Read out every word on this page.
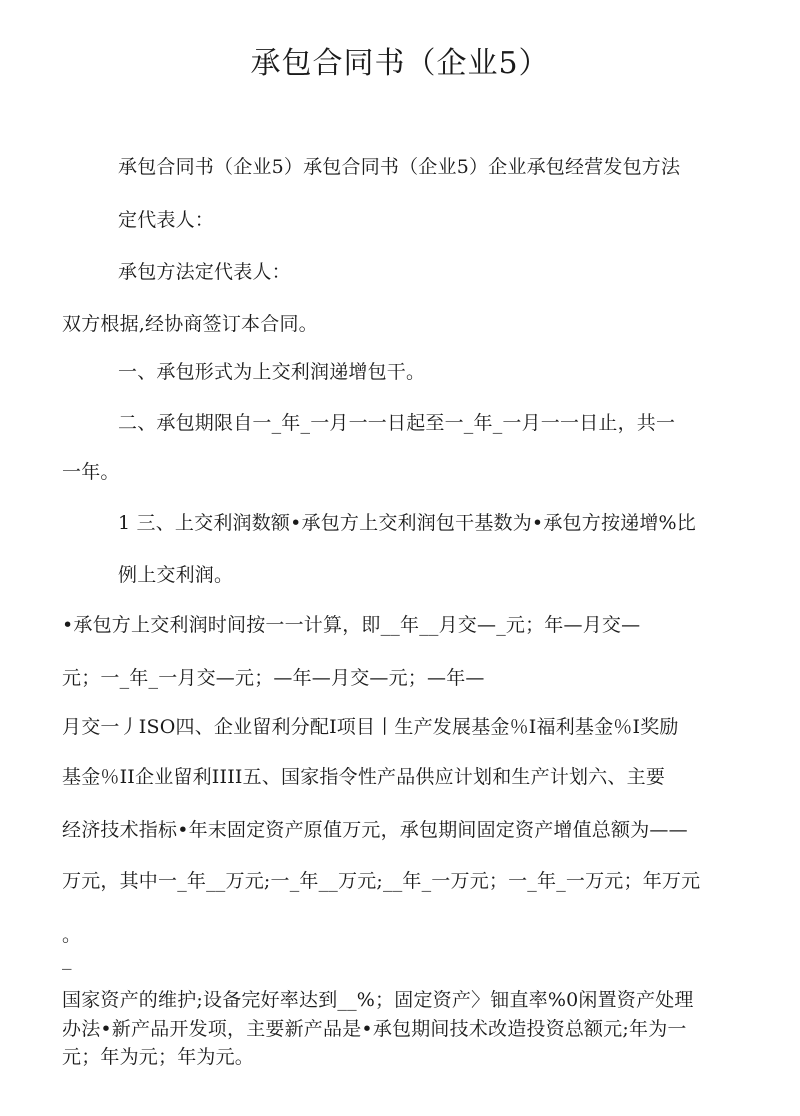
承包合同书（企业5）
承包合同书（企业5）承包合同书（企业5）企业承包经营发包方法
定代表人：
承包方法定代表人：
双方根据,经协商签订本合同。
一、承包形式为上交利润递增包干。
二、承包期限自一_年_一月一一日起至一_年_一月一一日止，共一
一年。
1 三、上交利润数额•承包方上交利润包干基数为•承包方按递增%比
例上交利润。
•承包方上交利润时间按一一计算，即__年__月交—_元；年—月交—
元；一_年_一月交—元；—年—月交—元；—年—
月交一丿ISO四、企业留利分配I项目丨生产发展基金％I福利基金％I奖励
基金％II企业留利IIII五、国家指令性产品供应计划和生产计划六、主要
经济技术指标•年末固定资产原值万元，承包期间固定资产增值总额为——
万元，其中一_年__万元;一_年__万元;__年_一万元；一_年_一万元；年万元
。
_
国家资产的维护;设备完好率达到__%；固定资产〉钿直率%0闲置资产处理
办法•新产品开发项，主要新产品是•承包期间技术改造投资总额元;年为一
元；年为元；年为元。
